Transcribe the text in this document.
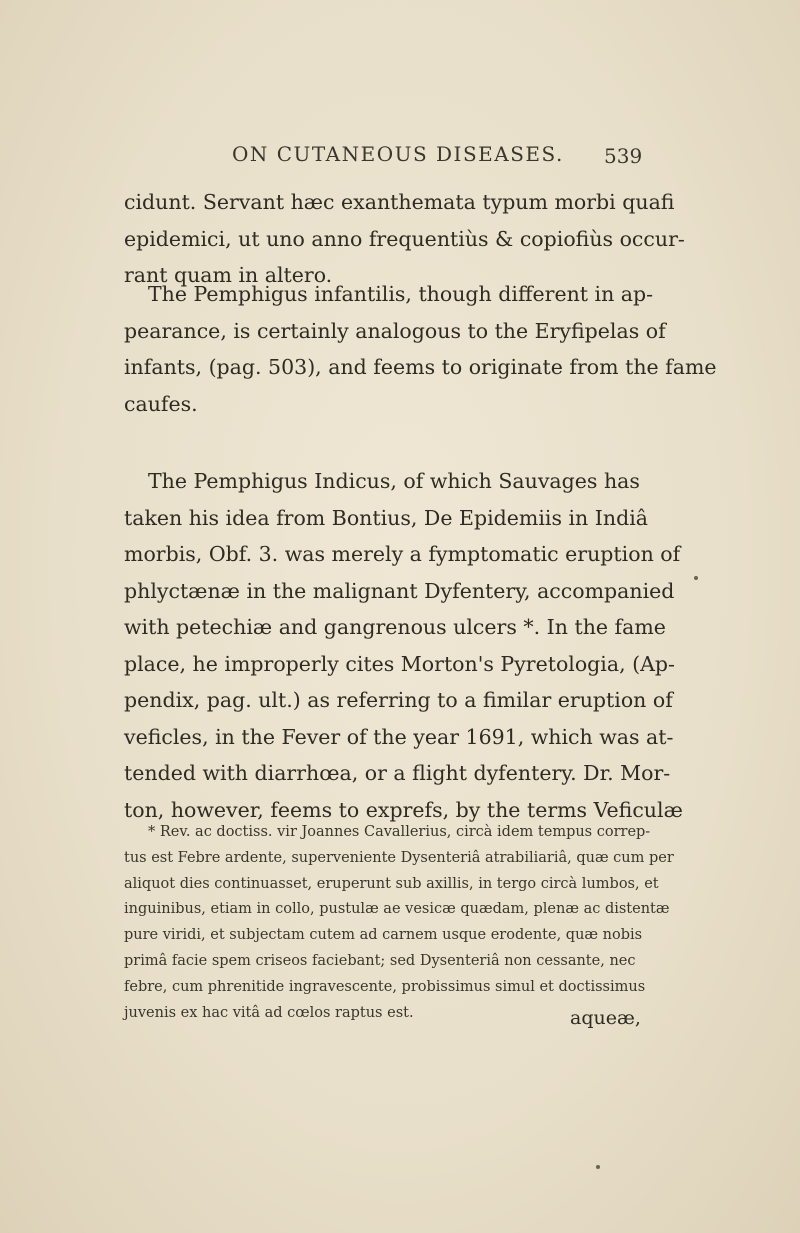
ON CUTANEOUS DISEASES. 539
cidunt. Servant hæc exanthemata typum morbi quafi
epidemici, ut uno anno frequentiùs & copiofiùs occur-
rant quam in altero.
The Pemphigus infantilis, though different in ap-
pearance, is certainly analogous to the Eryfipelas of
infants, (pag. 503), and feems to originate from the fame
caufes.
The Pemphigus Indicus, of which Sauvages has
taken his idea from Bontius, De Epidemiis in Indiâ
morbis, Obf. 3. was merely a fymptomatic eruption of
phlyctænæ in the malignant Dyfentery, accompanied
with petechiæ and gangrenous ulcers *. In the fame
place, he improperly cites Morton's Pyretologia, (Ap-
pendix, pag. ult.) as referring to a fimilar eruption of
veficles, in the Fever of the year 1691, which was at-
tended with diarrhœa, or a flight dyfentery. Dr. Mor-
ton, however, feems to exprefs, by the terms Veficulæ
* Rev. ac doctiss. vir Joannes Cavallerius, circà idem tempus correp-
tus est Febre ardente, superveniente Dysenteriâ atrabiliariâ, quæ cum per
aliquot dies continuasset, eruperunt sub axillis, in tergo circà lumbos, et
inguinibus, etiam in collo, pustulæ ae vesicæ quædam, plenæ ac distentæ
pure viridi, et subjectam cutem ad carnem usque erodente, quæ nobis
primâ facie spem criseos faciebant; sed Dysenteriâ non cessante, nec
febre, cum phrenitide ingravescente, probissimus simul et doctissimus
juvenis ex hac vitâ ad cœlos raptus est.	aqueæ,
